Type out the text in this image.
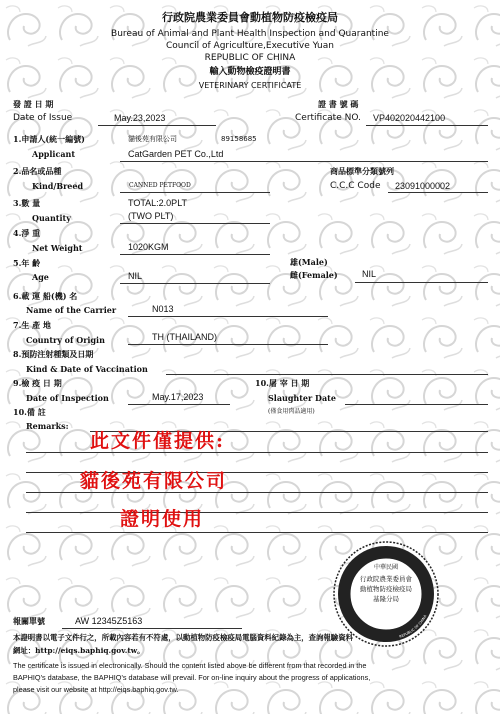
行政院農業委員會動植物防疫檢疫局
Bureau of Animal and Plant Health Inspection and Quarantine
Council of Agriculture,Executive Yuan
REPUBLIC OF CHINA
輸入動物檢疫證明書
VETERINARY CERTIFICATE
發 證 日 期
Date of Issue	May.23,2023
證 書 號 碼
Certificate NO. VP402020442100
1.申請人(統一編號)
Applicant
貓後苑有限公司	89158685
CatGarden PET Co.,Ltd
2.品名或品種
Kind/Breed	CANNED PETFOOD
商品標準分類號列
C.C.C Code 23091000002
3.數 量
Quantity
TOTAL:2.0PLT
(TWO PLT)
4.淨 重
Net Weight	1020KGM
5.年 齡
Age	NIL
雄(Male)
雌(Female)	NIL
6.載 運 船(機) 名
Name of the Carrier	N013
7.生 產 地
Country of Origin	TH (THAILAND)
8.預防注射種類及日期
Kind & Date of Vaccination
9.檢 疫 日 期
Date of Inspection	May.17,2023
10.屠 宰 日 期
Slaughter Date
(僅食用肉品適用)
10.備 註
Remarks:
此文件僅提供:
貓後苑有限公司
證明使用
KEELUNG OFFICE
REPUBLIC OF CHINA
中華民國
行政院農業委員會
動植物防疫檢疫局
基隆分局
報關單號	AW 12345Z5163
本證明書以電子文件行之，所載內容若有不符處，以動植物防疫檢疫局電腦資料紀錄為主，查詢報驗資料
網址：http://eiqs.baphiq.gov.tw。
The certificate is issued in electronically. Should the content listed above be different from that recorded in the
BAPHIQ's database, the BAPHIQ's database will prevail. For on-line inquiry about the progress of applications,
please visit our website at http://eiqs.baphiq.gov.tw.
